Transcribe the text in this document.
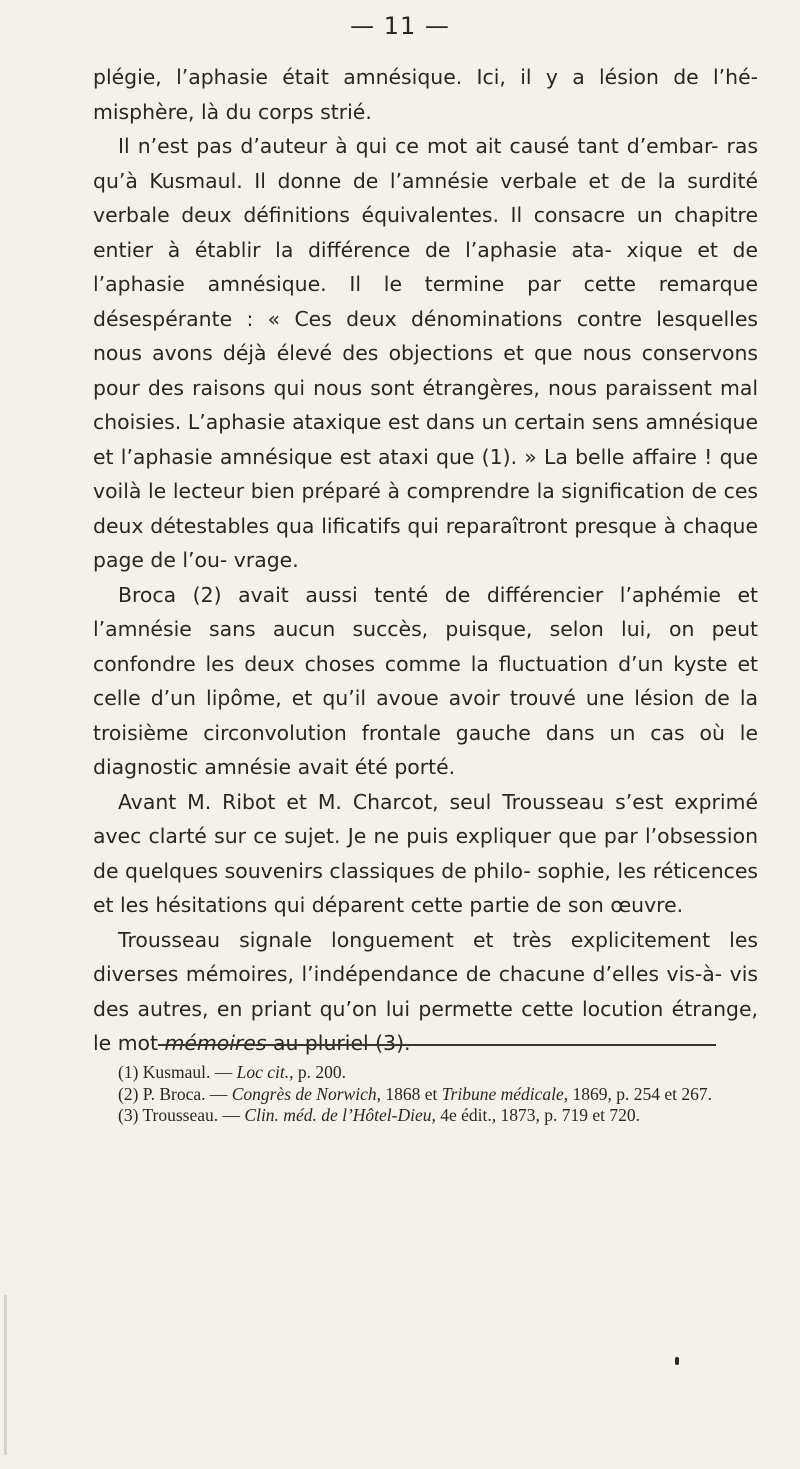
— 11 —

plégie, l’aphasie était amnésique. Ici, il y a lésion de l’hé- misphère, là du corps strié.

Il n’est pas d’auteur à qui ce mot ait causé tant d’embar- ras qu’à Kusmaul. Il donne de l’amnésie verbale et de la surdité verbale deux définitions équivalentes. Il consacre un chapitre entier à établir la différence de l’aphasie ata- xique et de l’aphasie amnésique. Il le termine par cette remarque désespérante : « Ces deux dénominations contre lesquelles nous avons déjà élevé des objections et que nous conservons pour des raisons qui nous sont étrangères, nous paraissent mal choisies. L’aphasie ataxique est dans un certain sens amnésique et l’aphasie amnésique est ataxi que (1). » La belle affaire ! que voilà le lecteur bien préparé à comprendre la signification de ces deux détestables qua lificatifs qui reparaîtront presque à chaque page de l’ou- vrage.

Broca (2) avait aussi tenté de différencier l’aphémie et l’amnésie sans aucun succès, puisque, selon lui, on peut confondre les deux choses comme la fluctuation d’un kyste et celle d’un lipôme, et qu’il avoue avoir trouvé une lésion de la troisième circonvolution frontale gauche dans un cas où le diagnostic amnésie avait été porté.

Avant M. Ribot et M. Charcot, seul Trousseau s’est exprimé avec clarté sur ce sujet. Je ne puis expliquer que par l’obsession de quelques souvenirs classiques de philo- sophie, les réticences et les hésitations qui déparent cette partie de son œuvre.

Trousseau signale longuement et très explicitement les diverses mémoires, l’indépendance de chacune d’elles vis-à- vis des autres, en priant qu’on lui permette cette locution étrange, le mot mémoires au pluriel (3).

(1) Kusmaul. — Loc cit., p. 200.

(2) P. Broca. — Congrès de Norwich, 1868 et Tribune médicale, 1869, p. 254 et 267.

(3) Trousseau. — Clin. méd. de l’Hôtel-Dieu, 4e édit., 1873, p. 719 et 720.
